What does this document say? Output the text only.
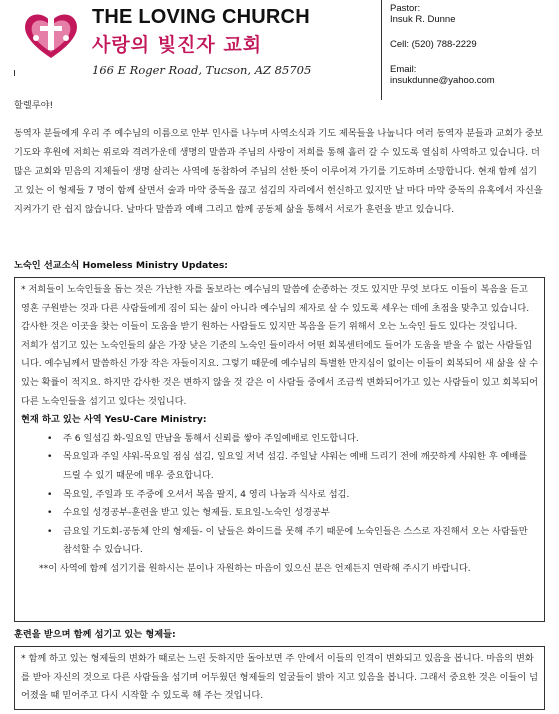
THE LOVING CHURCH
사랑의 빛진자 교회
166 E Roger Road, Tucson, AZ 85705
Pastor:
Insuk R. Dunne
Cell: (520) 788-2229
Email:
insukdunne@yahoo.com
할렐루야!
동역자 분들에게 우리 주 예수님의 이름으로 안부 인사를 나누며 사역소식과 기도 제목들을 나눕니다 여러 동역자 분들과 교회가 중보기도와 후원에 저희는 위로와 격려가운데 생명의 말씀과 주님의 사랑이 저희를 통해 흘러 갈 수 있도록 열심히 사역하고 있습니다. 더 많은 교회와 믿음의 지체들이 생명 살리는 사역에 동참하여 주님의 선한 뜻이 이루어져 가기를 기도하며 소망합니다. 현재 함께 섬기고 있는 이 형제들 7 명이 함께 살면서 술과 마약 중독을 끊고 섬김의 자리에서 헌신하고 있지만 날 마다 마약 중독의 유혹에서 자신을 지켜가기 란 쉽지 않습니다. 날마다 말씀과 예배 그리고 함께 공동체 삶을 통해서 서로가 훈련을 받고 있습니다.
노숙인 선교소식 Homeless Ministry Updates:

* 저희들이 노숙인들을 돕는 것은 가난한 자를 돌보라는 예수님의 말씀에 순종하는 것도 있지만 무엇 보다도 이들이 복음을 듣고 영혼 구원받는 것과 다른 사람들에게 짐이 되는 삶이 아니라 예수님의 제자로 살 수 있도록 세우는 데에 초점을 맞추고 있습니다. 감사한 것은 이곳을 찾는 이들이 도움을 받기 원하는 사람들도 있지만 복음을 듣기 위해서 오는 노숙인 들도 있다는 것입니다.

저희가 섬기고 있는 노숙인들의 삶은 가장 낮은 기준의 노숙인 들이라서 어떤 회복센터에도 들어가 도움을 받을 수 없는 사람들입니다. 예수님께서 말씀하신 가장 작은 자들이지요. 그렇기 때문에 예수님의 특별한 만지심이 없이는 이들이 회복되어 새 삶을 살 수 있는 확률이 적지요. 하지만 감사한 것은 변하지 않을 것 같은 이 사람들 중에서 조금씩 변화되어가고 있는 사람들이 있고 회복되어 다른 노숙인들을 섬기고 있다는 것입니다.

현재 하고 있는 사역 YesU-Care Ministry:

• 주 6 일섬김 화-일요일 만남을 통해서 신뢰를 쌓아 주일예배로 인도합니다.
• 목요일과 주일 샤워-목요일 점심 섬김, 일요일 저녁 섬김. 주일날 샤워는 예배 드리기 전에 깨끗하게 샤워한 후 예배를 드릴 수 있기 때문에 매우 중요합니다.
• 목요일, 주일과 또 주중에 오셔서 복음 팔지, 4 영리 나눔과 식사로 섬김.
• 수요일 성경공부-훈련을 받고 있는 형제들. 토요일-노숙인 성경공부
• 금요일 기도회-공동체 안의 형제들- 이 날들은 화이드를 못해 주기 때문에 노숙인들은 스스로 자진해서 오는 사람들만 참석할 수 있습니다.

**이 사역에 함께 섬기기를 원하시는 분이나 자원하는 마음이 있으신 분은 언제든지 연락해 주시기 바랍니다.

훈련을 받으며 함께 섬기고 있는 형제들:

* 함께 하고 있는 형제들의 변화가 때로는 느린 듯하지만 돌아보면 주 안에서 이들의 인격이 변화되고 있음을 봅니다. 마음의 변화를 받아 자신의 것으로 다른 사람들을 섬기며 어두웠던 형제들의 얼굴들이 밝아 지고 있음을 봅니다. 그래서 중요한 것은 이들이 넘어졌을 때 믿어주고 다시 시작할 수 있도록 해 주는 것입니다.
